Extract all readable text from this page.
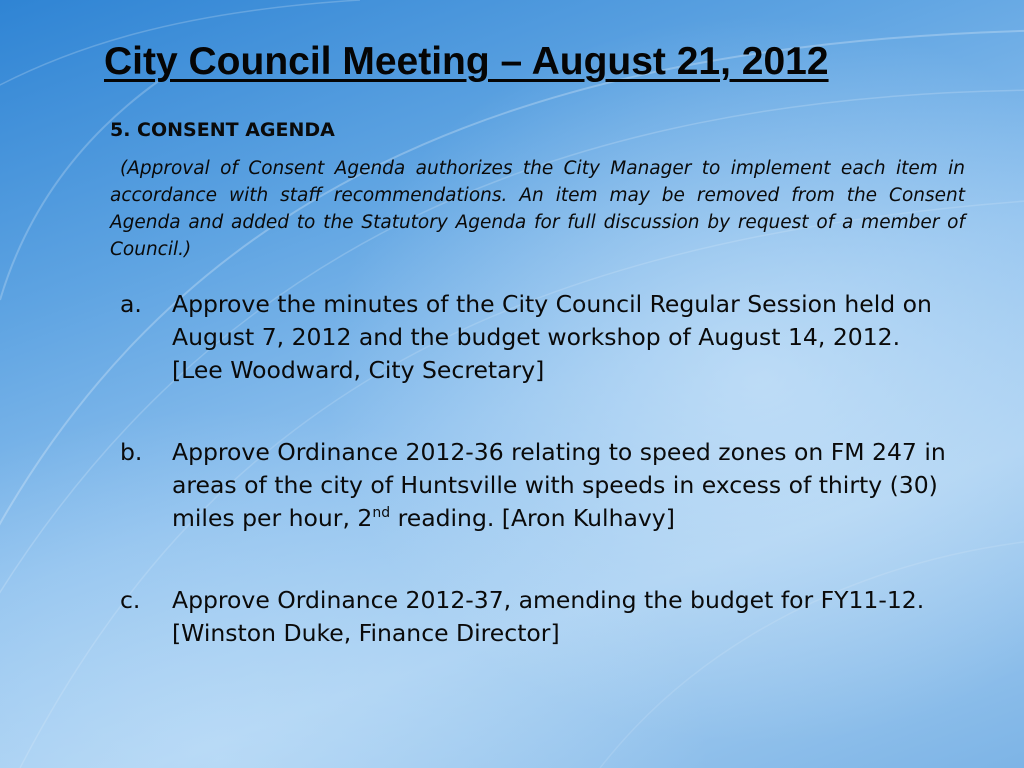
City Council Meeting – August 21, 2012
5. CONSENT AGENDA

(Approval of Consent Agenda authorizes the City Manager to implement each item in accordance with staff recommendations. An item may be removed from the Consent Agenda and added to the Statutory Agenda for full discussion by request of a member of Council.)

a. Approve the minutes of the City Council Regular Session held on August 7, 2012 and the budget workshop of August 14, 2012. [Lee Woodward, City Secretary]
b. Approve Ordinance 2012-36 relating to speed zones on FM 247 in areas of the city of Huntsville with speeds in excess of thirty (30) miles per hour, 2nd reading. [Aron Kulhavy]
c. Approve Ordinance 2012-37, amending the budget for FY11-12. [Winston Duke, Finance Director]
